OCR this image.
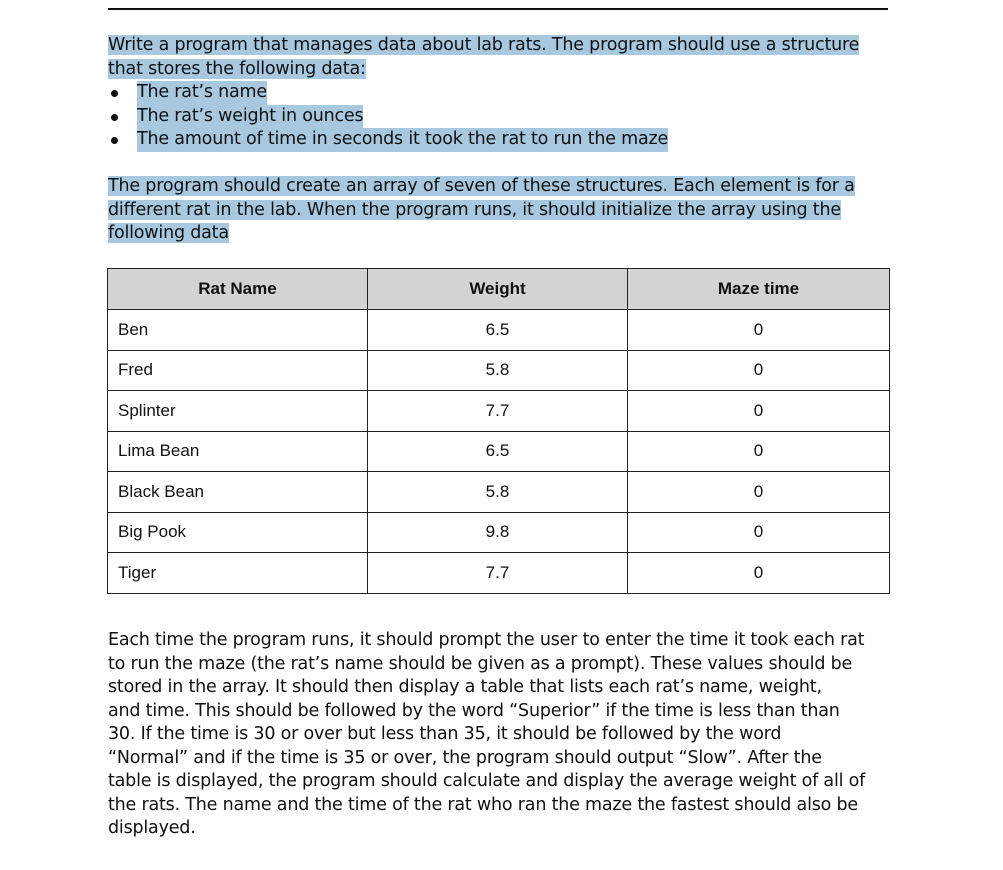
Write a program that manages data about lab rats. The program should use a structure
that stores the following data:
The rat’s name
The rat’s weight in ounces
The amount of time in seconds it took the rat to run the maze
The program should create an array of seven of these structures. Each element is for a
different rat in the lab. When the program runs, it should initialize the array using the
following data
Rat Name	Weight	Maze time
Ben	6.5	0
Fred	5.8	0
Splinter	7.7	0
Lima Bean	6.5	0
Black Bean	5.8	0
Big Pook	9.8	0
Tiger	7.7	0
Each time the program runs, it should prompt the user to enter the time it took each rat
to run the maze (the rat’s name should be given as a prompt). These values should be
stored in the array. It should then display a table that lists each rat’s name, weight,
and time. This should be followed by the word “Superior” if the time is less than than
30. If the time is 30 or over but less than 35, it should be followed by the word
“Normal” and if the time is 35 or over, the program should output “Slow”. After the
table is displayed, the program should calculate and display the average weight of all of
the rats. The name and the time of the rat who ran the maze the fastest should also be
displayed.
